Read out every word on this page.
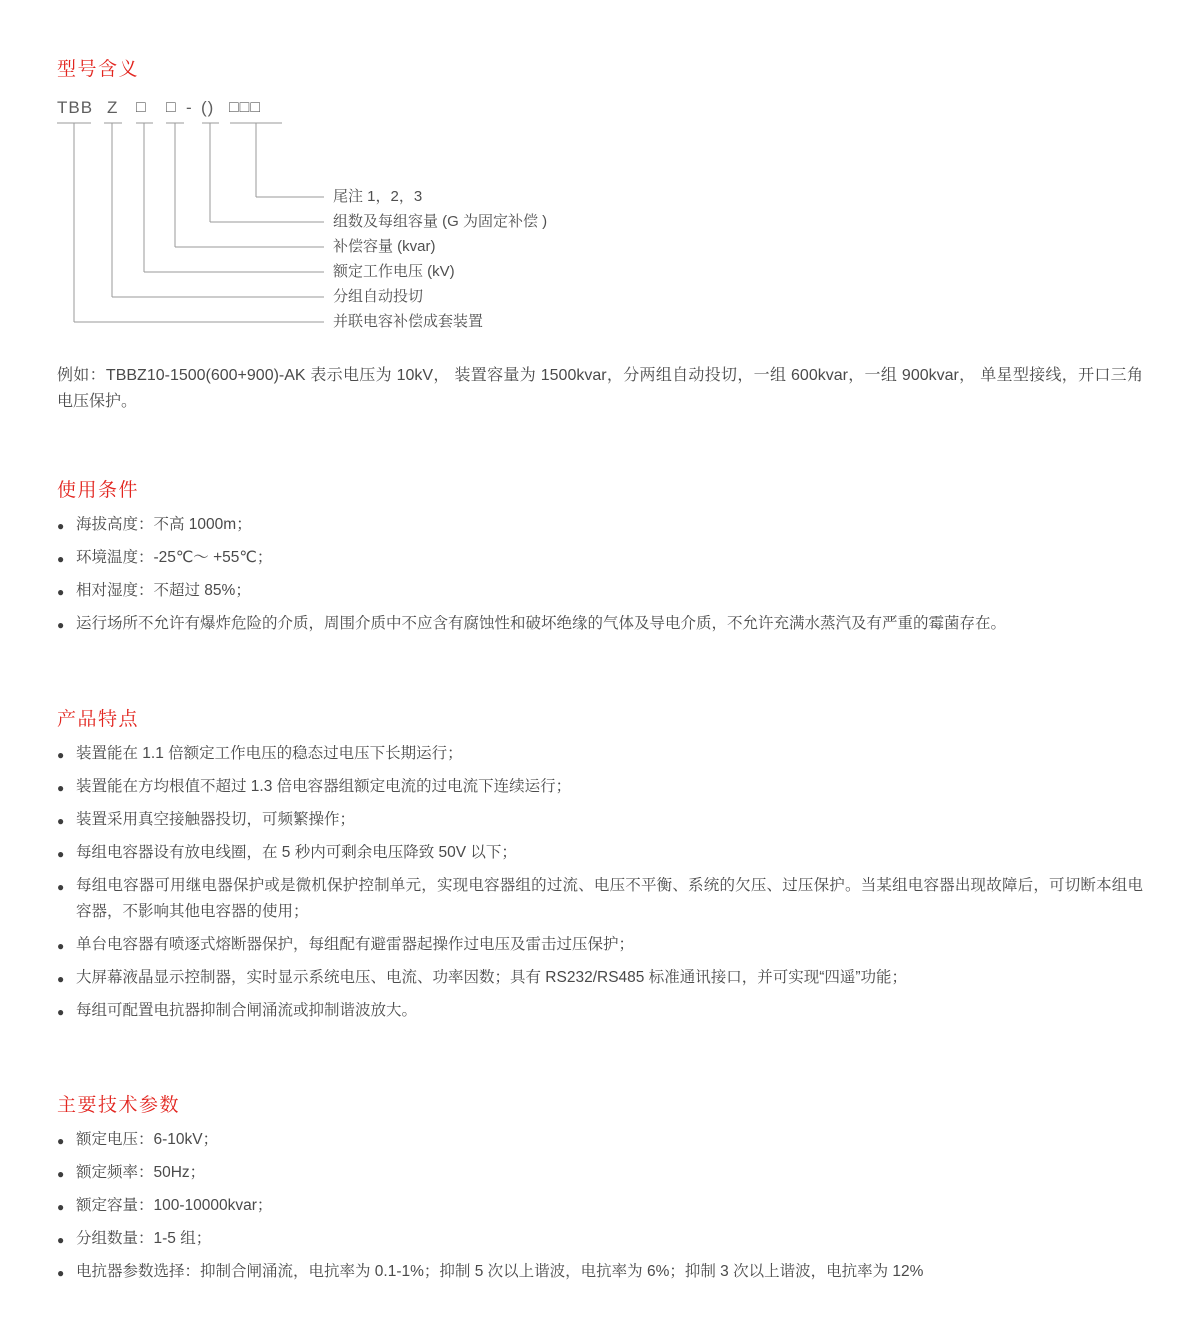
型号含义
TBB Z □ □ - () □□□
尾注 1，2，3
组数及每组容量 (G 为固定补偿 )
补偿容量 (kvar)
额定工作电压 (kV)
分组自动投切
并联电容补偿成套装置

例如：TBBZ10-1500(600+900)-AK 表示电压为 10kV， 装置容量为 1500kvar，分两组自动投切，一组 600kvar，一组 900kvar， 单星型接线，开口三角电压保护。

使用条件
● 海拔高度：不高 1000m；
● 环境温度：-25℃～ +55℃；
● 相对湿度：不超过 85%；
● 运行场所不允许有爆炸危险的介质，周围介质中不应含有腐蚀性和破坏绝缘的气体及导电介质，不允许充满水蒸汽及有严重的霉菌存在。
产品特点
● 装置能在 1.1 倍额定工作电压的稳态过电压下长期运行；
● 装置能在方均根值不超过 1.3 倍电容器组额定电流的过电流下连续运行；
● 装置采用真空接触器投切，可频繁操作；
● 每组电容器设有放电线圈，在 5 秒内可剩余电压降致 50V 以下；
● 每组电容器可用继电器保护或是微机保护控制单元，实现电容器组的过流、电压不平衡、系统的欠压、过压保护。当某组电容器出现故障后，可切断本组电容器，不影响其他电容器的使用；
● 单台电容器有喷逐式熔断器保护，每组配有避雷器起操作过电压及雷击过压保护；
● 大屏幕液晶显示控制器，实时显示系统电压、电流、功率因数；具有 RS232/RS485 标准通讯接口，并可实现“四遥”功能；
● 每组可配置电抗器抑制合闸涌流或抑制谐波放大。
主要技术参数
● 额定电压：6-10kV；
● 额定频率：50Hz；
● 额定容量：100-10000kvar；
● 分组数量：1-5 组；
● 电抗器参数选择：抑制合闸涌流，电抗率为 0.1-1%；抑制 5 次以上谐波，电抗率为 6%；抑制 3 次以上谐波，电抗率为 12%
